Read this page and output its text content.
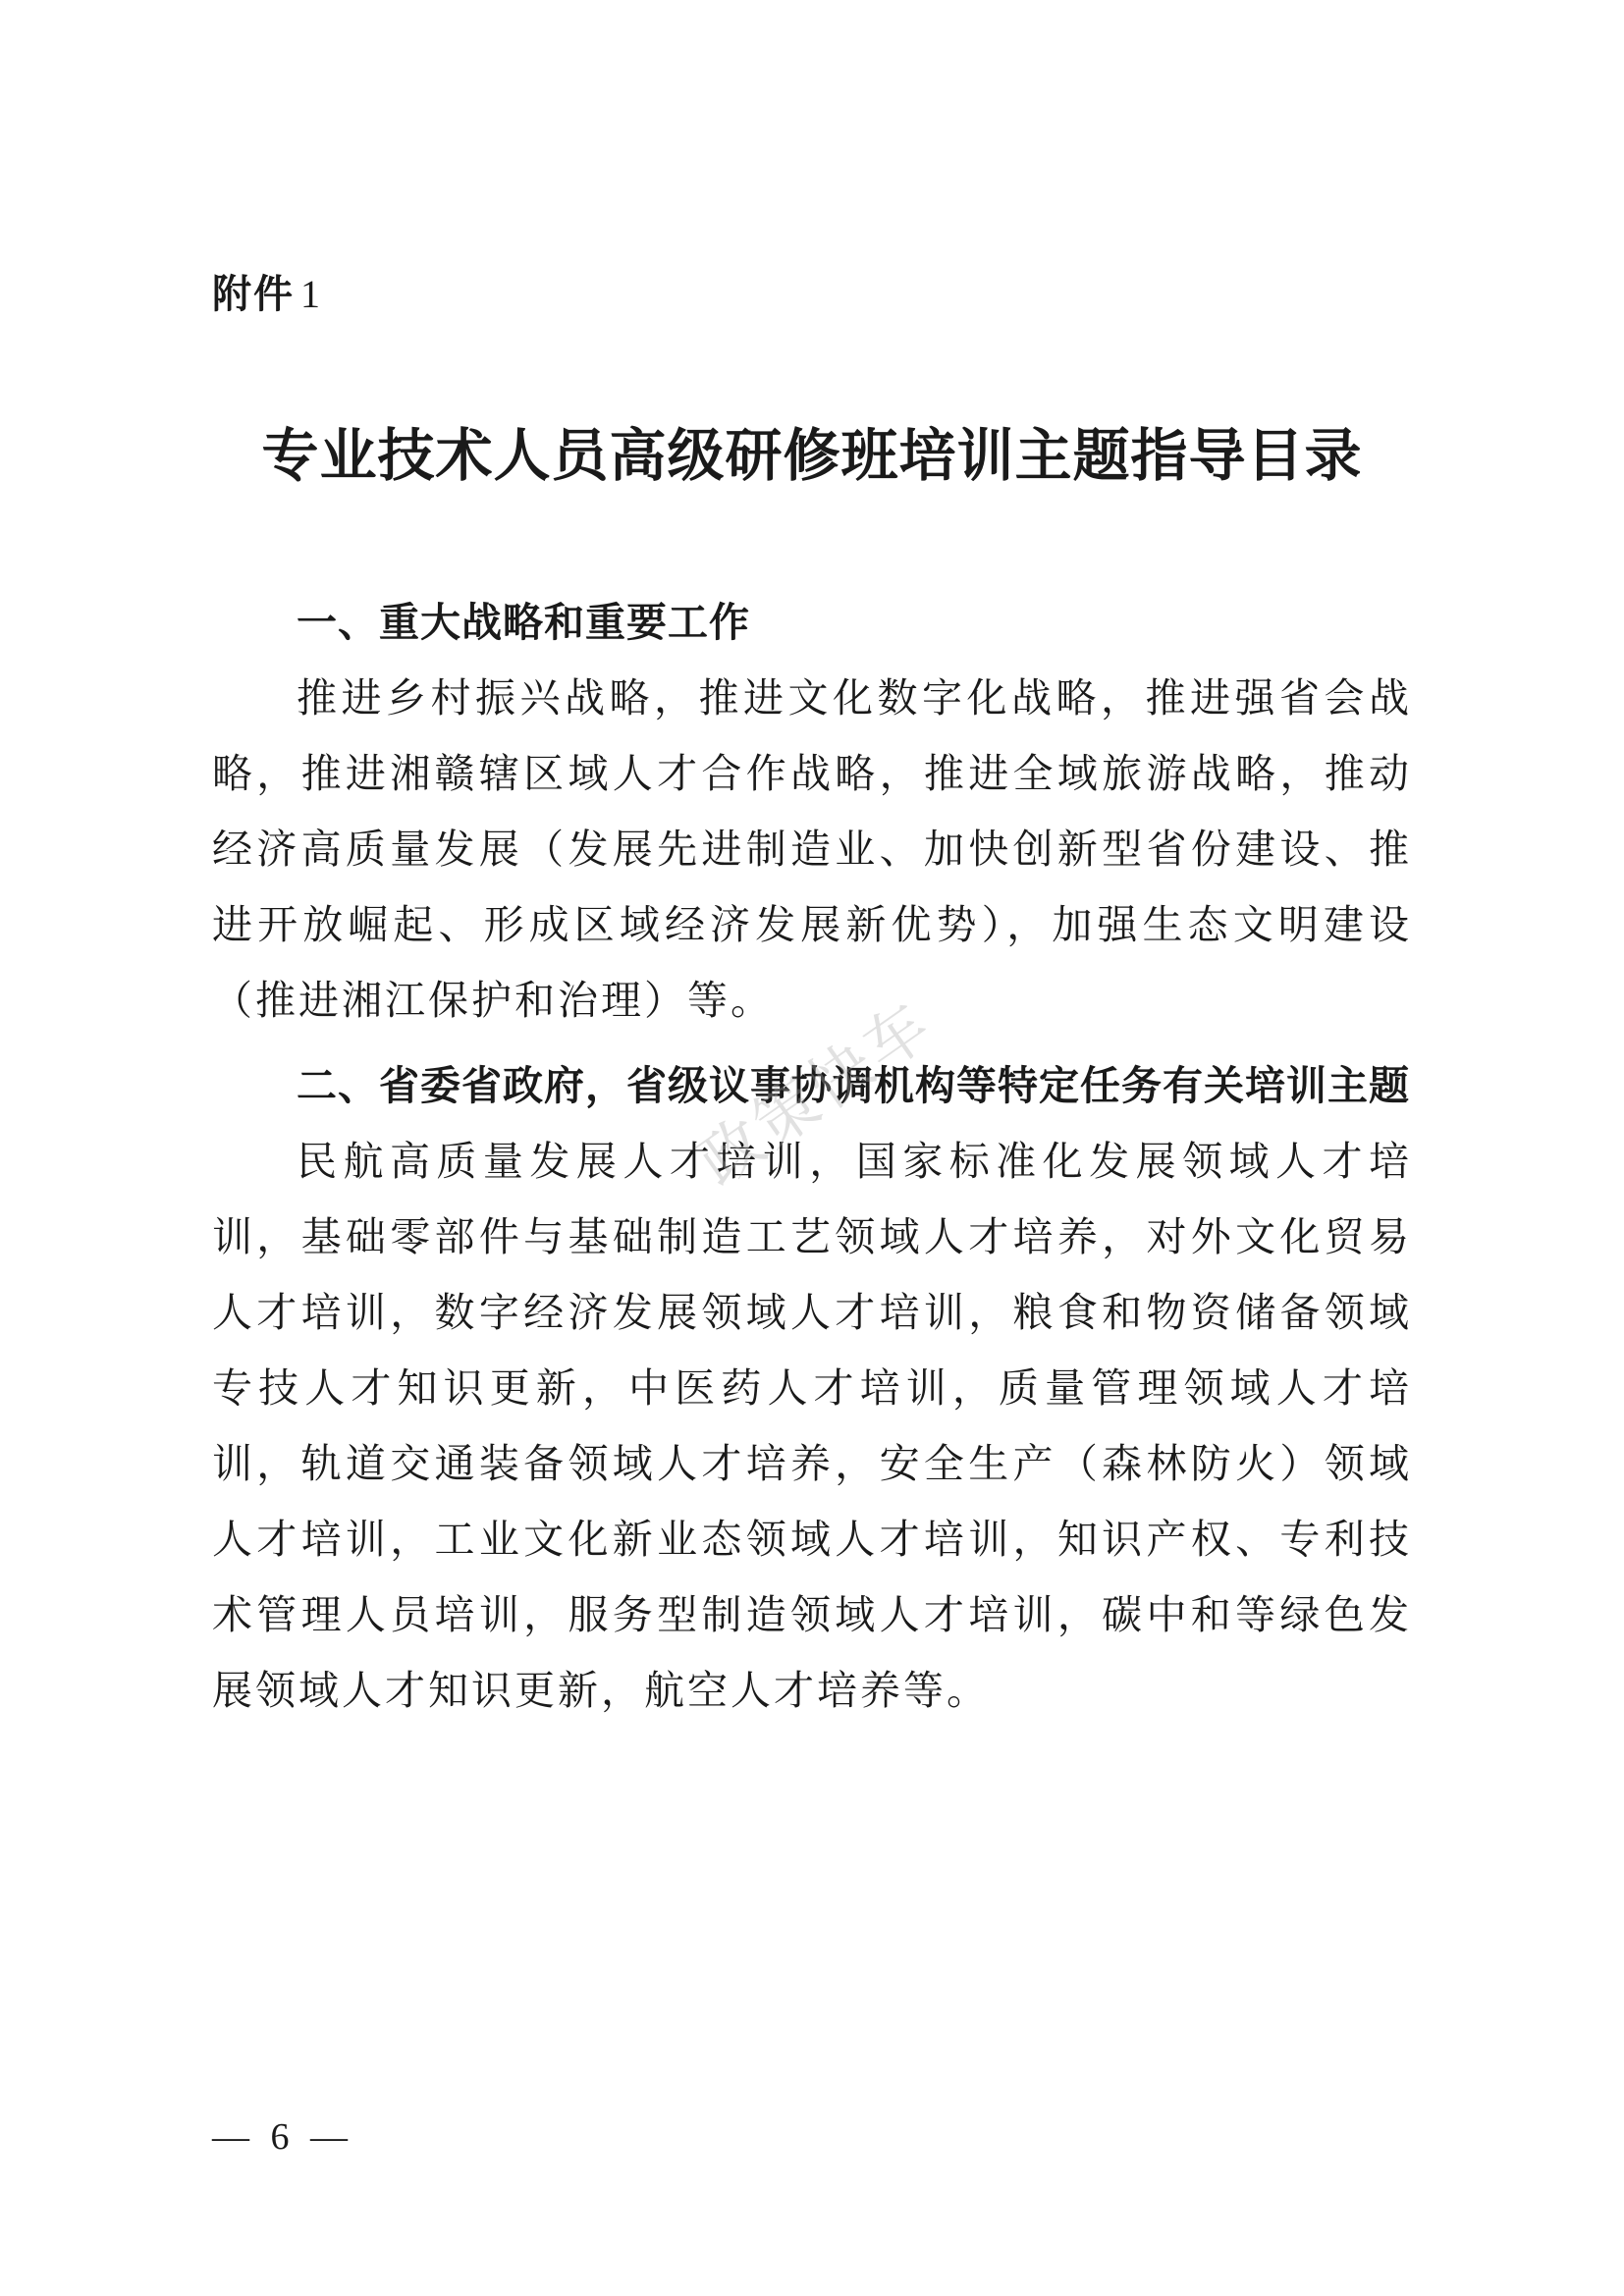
附件 1
专业技术人员高级研修班培训主题指导目录

一、重大战略和重要工作

推进乡村振兴战略，推进文化数字化战略，推进强省会战略，推进湘赣辖区域人才合作战略，推进全域旅游战略，推动经济高质量发展（发展先进制造业、加快创新型省份建设、推进开放崛起、形成区域经济发展新优势），加强生态文明建设（推进湘江保护和治理）等。

二、省委省政府，省级议事协调机构等特定任务有关培训主题

民航高质量发展人才培训，国家标准化发展领域人才培训，基础零部件与基础制造工艺领域人才培养，对外文化贸易人才培训，数字经济发展领域人才培训，粮食和物资储备领域专技人才知识更新，中医药人才培训，质量管理领域人才培训，轨道交通装备领域人才培养，安全生产（森林防火）领域人才培训，工业文化新业态领域人才培训，知识产权、专利技术管理人员培训，服务型制造领域人才培训，碳中和等绿色发展领域人才知识更新，航空人才培养等。

政策快车
— 6 —
